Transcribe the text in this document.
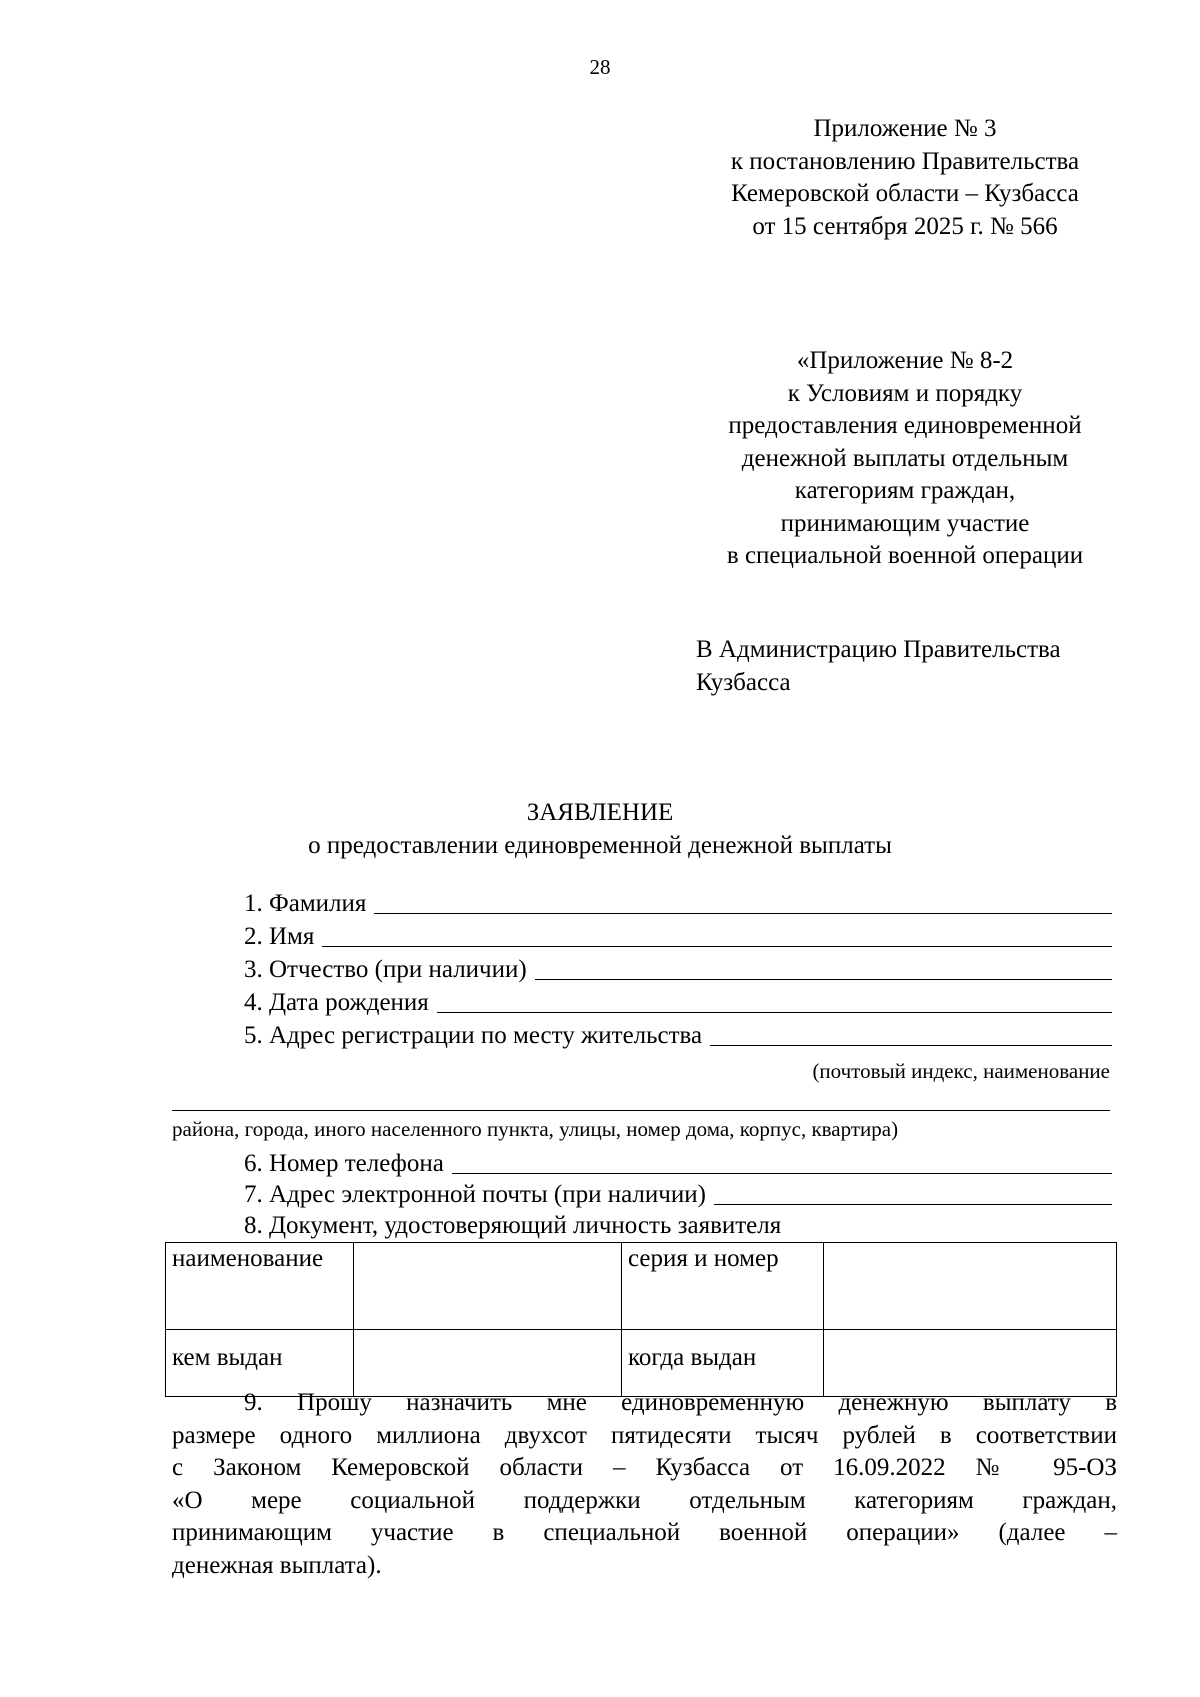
28
Приложение № 3
к постановлению Правительства
Кемеровской области – Кузбасса
от 15 сентября 2025 г. № 566
«Приложение № 8-2
к Условиям и порядку
предоставления единовременной
денежной выплаты отдельным
категориям граждан,
принимающим участие
в специальной военной операции
В Администрацию Правительства
Кузбасса
ЗАЯВЛЕНИЕ
о предоставлении единовременной денежной выплаты
1. Фамилия
2. Имя
3. Отчество (при наличии)
4. Дата рождения
5. Адрес регистрации по месту жительства
(почтовый индекс, наименование
района, города, иного населенного пункта, улицы, номер дома, корпус, квартира)
6. Номер телефона
7. Адрес электронной почты (при наличии)
8. Документ, удостоверяющий личность заявителя
наименование		серия и номер	
кем выдан		когда выдан	

9. Прошу назначить мне единовременную денежную выплату в

размере одного миллиона двухсот пятидесяти тысяч рублей в соответствии

с Законом Кемеровской области – Кузбасса от 16.09.2022 № 95-ОЗ

«О мере социальной поддержки отдельным категориям граждан,

принимающим участие в специальной военной операции» (далее –

денежная выплата).
